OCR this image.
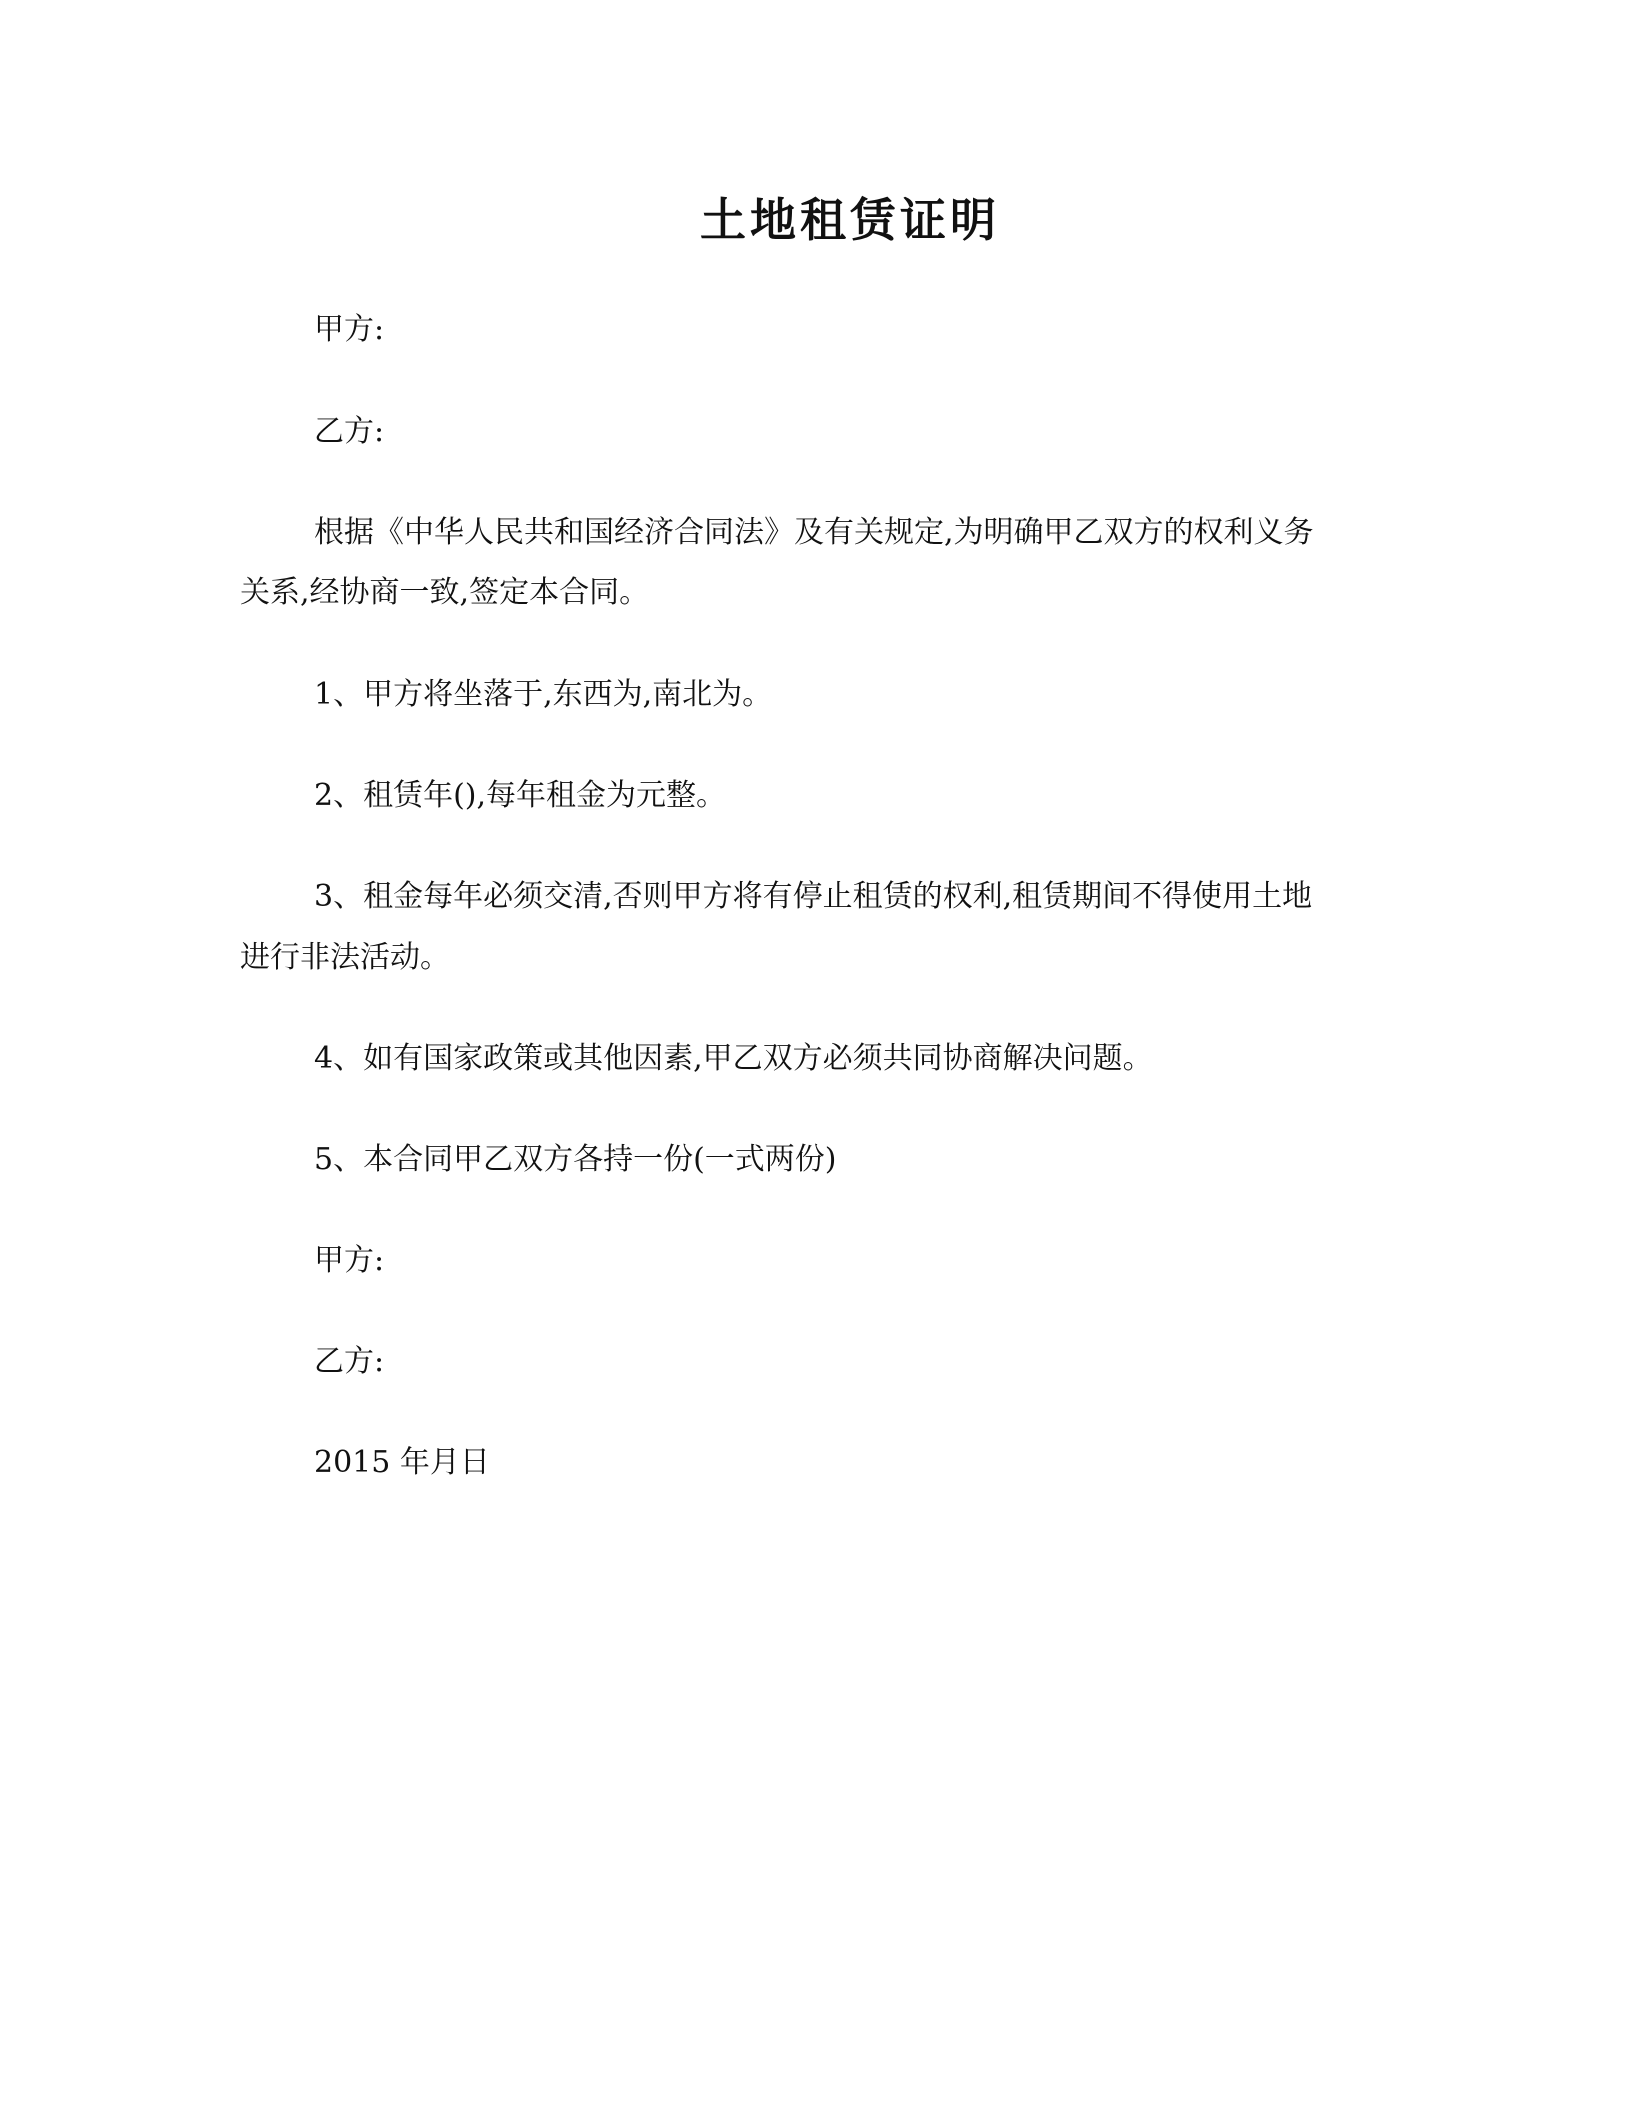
土地租赁证明
甲方:
乙方:
根据《中华人民共和国经济合同法》及有关规定,为明确甲乙双方的权利义务
关系,经协商一致,签定本合同。
1、甲方将坐落于,东西为,南北为。
2、租赁年(),每年租金为元整。
3、租金每年必须交清,否则甲方将有停止租赁的权利,租赁期间不得使用土地
进行非法活动。
4、如有国家政策或其他因素,甲乙双方必须共同协商解决问题。
5、本合同甲乙双方各持一份(一式两份)
甲方:
乙方:
2015 年月日
